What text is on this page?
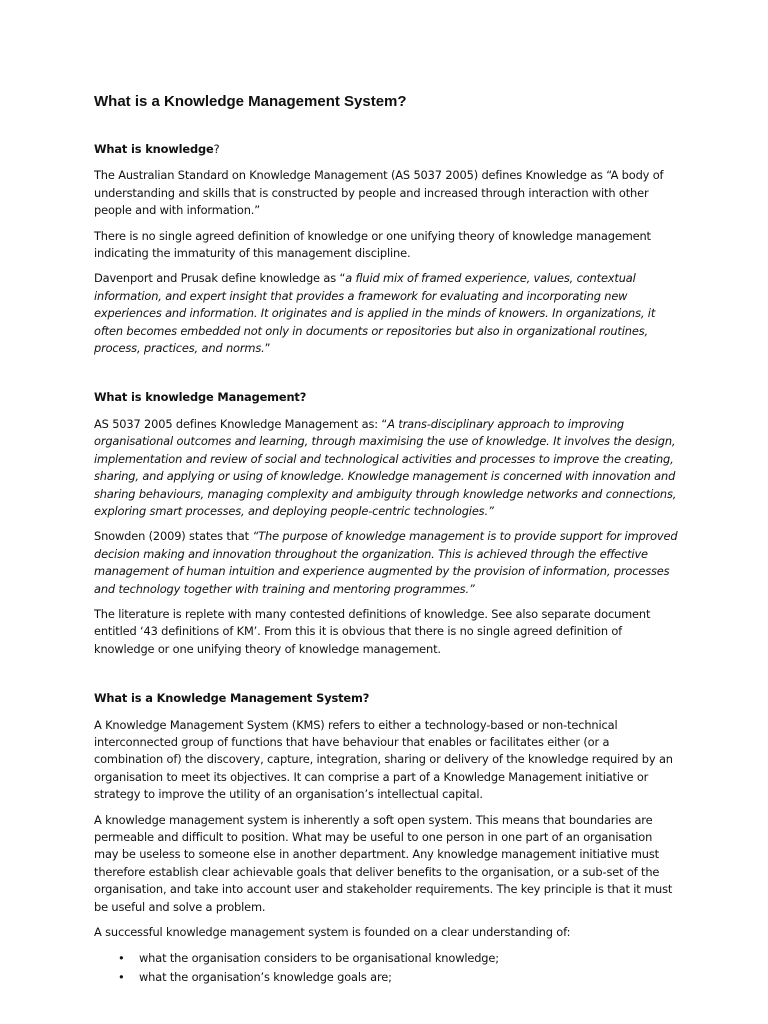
What is a Knowledge Management System?
What is knowledge?

The Australian Standard on Knowledge Management (AS 5037 2005) defines Knowledge as “A body of understanding and skills that is constructed by people and increased through interaction with other people and with information.”

There is no single agreed definition of knowledge or one unifying theory of knowledge management indicating the immaturity of this management discipline.

Davenport and Prusak define knowledge as “a fluid mix of framed experience, values, contextual information, and expert insight that provides a framework for evaluating and incorporating new experiences and information. It originates and is applied in the minds of knowers. In organizations, it often becomes embedded not only in documents or repositories but also in organizational routines, process, practices, and norms.”

What is knowledge Management?

AS 5037 2005 defines Knowledge Management as: “A trans-disciplinary approach to improving organisational outcomes and learning, through maximising the use of knowledge. It involves the design, implementation and review of social and technological activities and processes to improve the creating, sharing, and applying or using of knowledge. Knowledge management is concerned with innovation and sharing behaviours, managing complexity and ambiguity through knowledge networks and connections, exploring smart processes, and deploying people-centric technologies.”

Snowden (2009) states that “The purpose of knowledge management is to provide support for improved decision making and innovation throughout the organization. This is achieved through the effective management of human intuition and experience augmented by the provision of information, processes and technology together with training and mentoring programmes.”

The literature is replete with many contested definitions of knowledge. See also separate document entitled ‘43 definitions of KM’. From this it is obvious that there is no single agreed definition of knowledge or one unifying theory of knowledge management.

What is a Knowledge Management System?

A Knowledge Management System (KMS) refers to either a technology-based or non-technical interconnected group of functions that have behaviour that enables or facilitates either (or a combination of) the discovery, capture, integration, sharing or delivery of the knowledge required by an organisation to meet its objectives. It can comprise a part of a Knowledge Management initiative or strategy to improve the utility of an organisation’s intellectual capital.

A knowledge management system is inherently a soft open system. This means that boundaries are permeable and difficult to position. What may be useful to one person in one part of an organisation may be useless to someone else in another department. Any knowledge management initiative must therefore establish clear achievable goals that deliver benefits to the organisation, or a sub-set of the organisation, and take into account user and stakeholder requirements. The key principle is that it must be useful and solve a problem.

A successful knowledge management system is founded on a clear understanding of:

• what the organisation considers to be organisational knowledge;
• what the organisation’s knowledge goals are;
